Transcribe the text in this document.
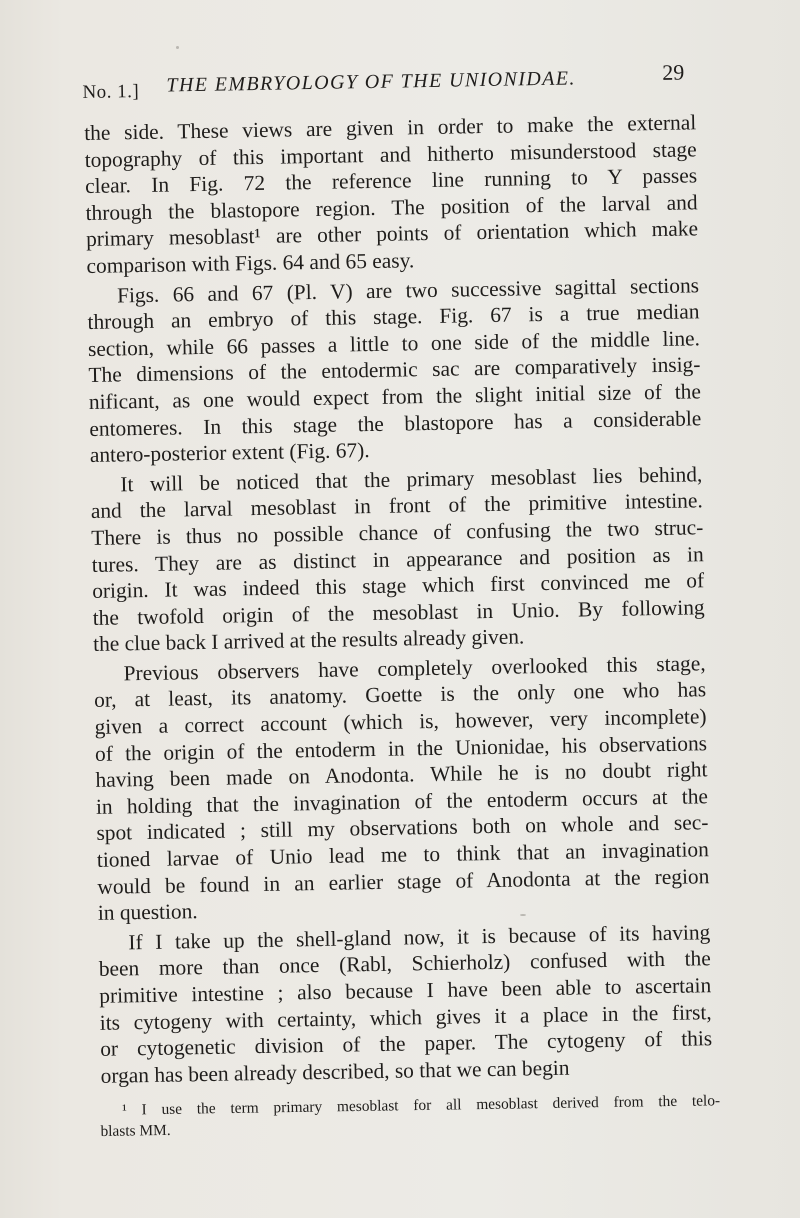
No. 1.] THE EMBRYOLOGY OF THE UNIONIDAE.	29
the side. These views are given in order to make the external
topography of this important and hitherto misunderstood stage
clear. In Fig. 72 the reference line running to Y passes
through the blastopore region. The position of the larval and
primary mesoblast¹ are other points of orientation which make
comparison with Figs. 64 and 65 easy.
Figs. 66 and 67 (Pl. V) are two successive sagittal sections
through an embryo of this stage. Fig. 67 is a true median
section, while 66 passes a little to one side of the middle line.
The dimensions of the entodermic sac are comparatively insig-
nificant, as one would expect from the slight initial size of the
entomeres. In this stage the blastopore has a considerable
antero-posterior extent (Fig. 67).
It will be noticed that the primary mesoblast lies behind,
and the larval mesoblast in front of the primitive intestine.
There is thus no possible chance of confusing the two struc-
tures. They are as distinct in appearance and position as in
origin. It was indeed this stage which first convinced me of
the twofold origin of the mesoblast in Unio. By following
the clue back I arrived at the results already given.
Previous observers have completely overlooked this stage,
or, at least, its anatomy. Goette is the only one who has
given a correct account (which is, however, very incomplete)
of the origin of the entoderm in the Unionidae, his observations
having been made on Anodonta. While he is no doubt right
in holding that the invagination of the entoderm occurs at the
spot indicated ; still my observations both on whole and sec-
tioned larvae of Unio lead me to think that an invagination
would be found in an earlier stage of Anodonta at the region
in question.
If I take up the shell-gland now, it is because of its having
been more than once (Rabl, Schierholz) confused with the
primitive intestine ; also because I have been able to ascertain
its cytogeny with certainty, which gives it a place in the first,
or cytogenetic division of the paper. The cytogeny of this
organ has been already described, so that we can begin
¹ I use the term primary mesoblast for all mesoblast derived from the telo-
blasts MM.
